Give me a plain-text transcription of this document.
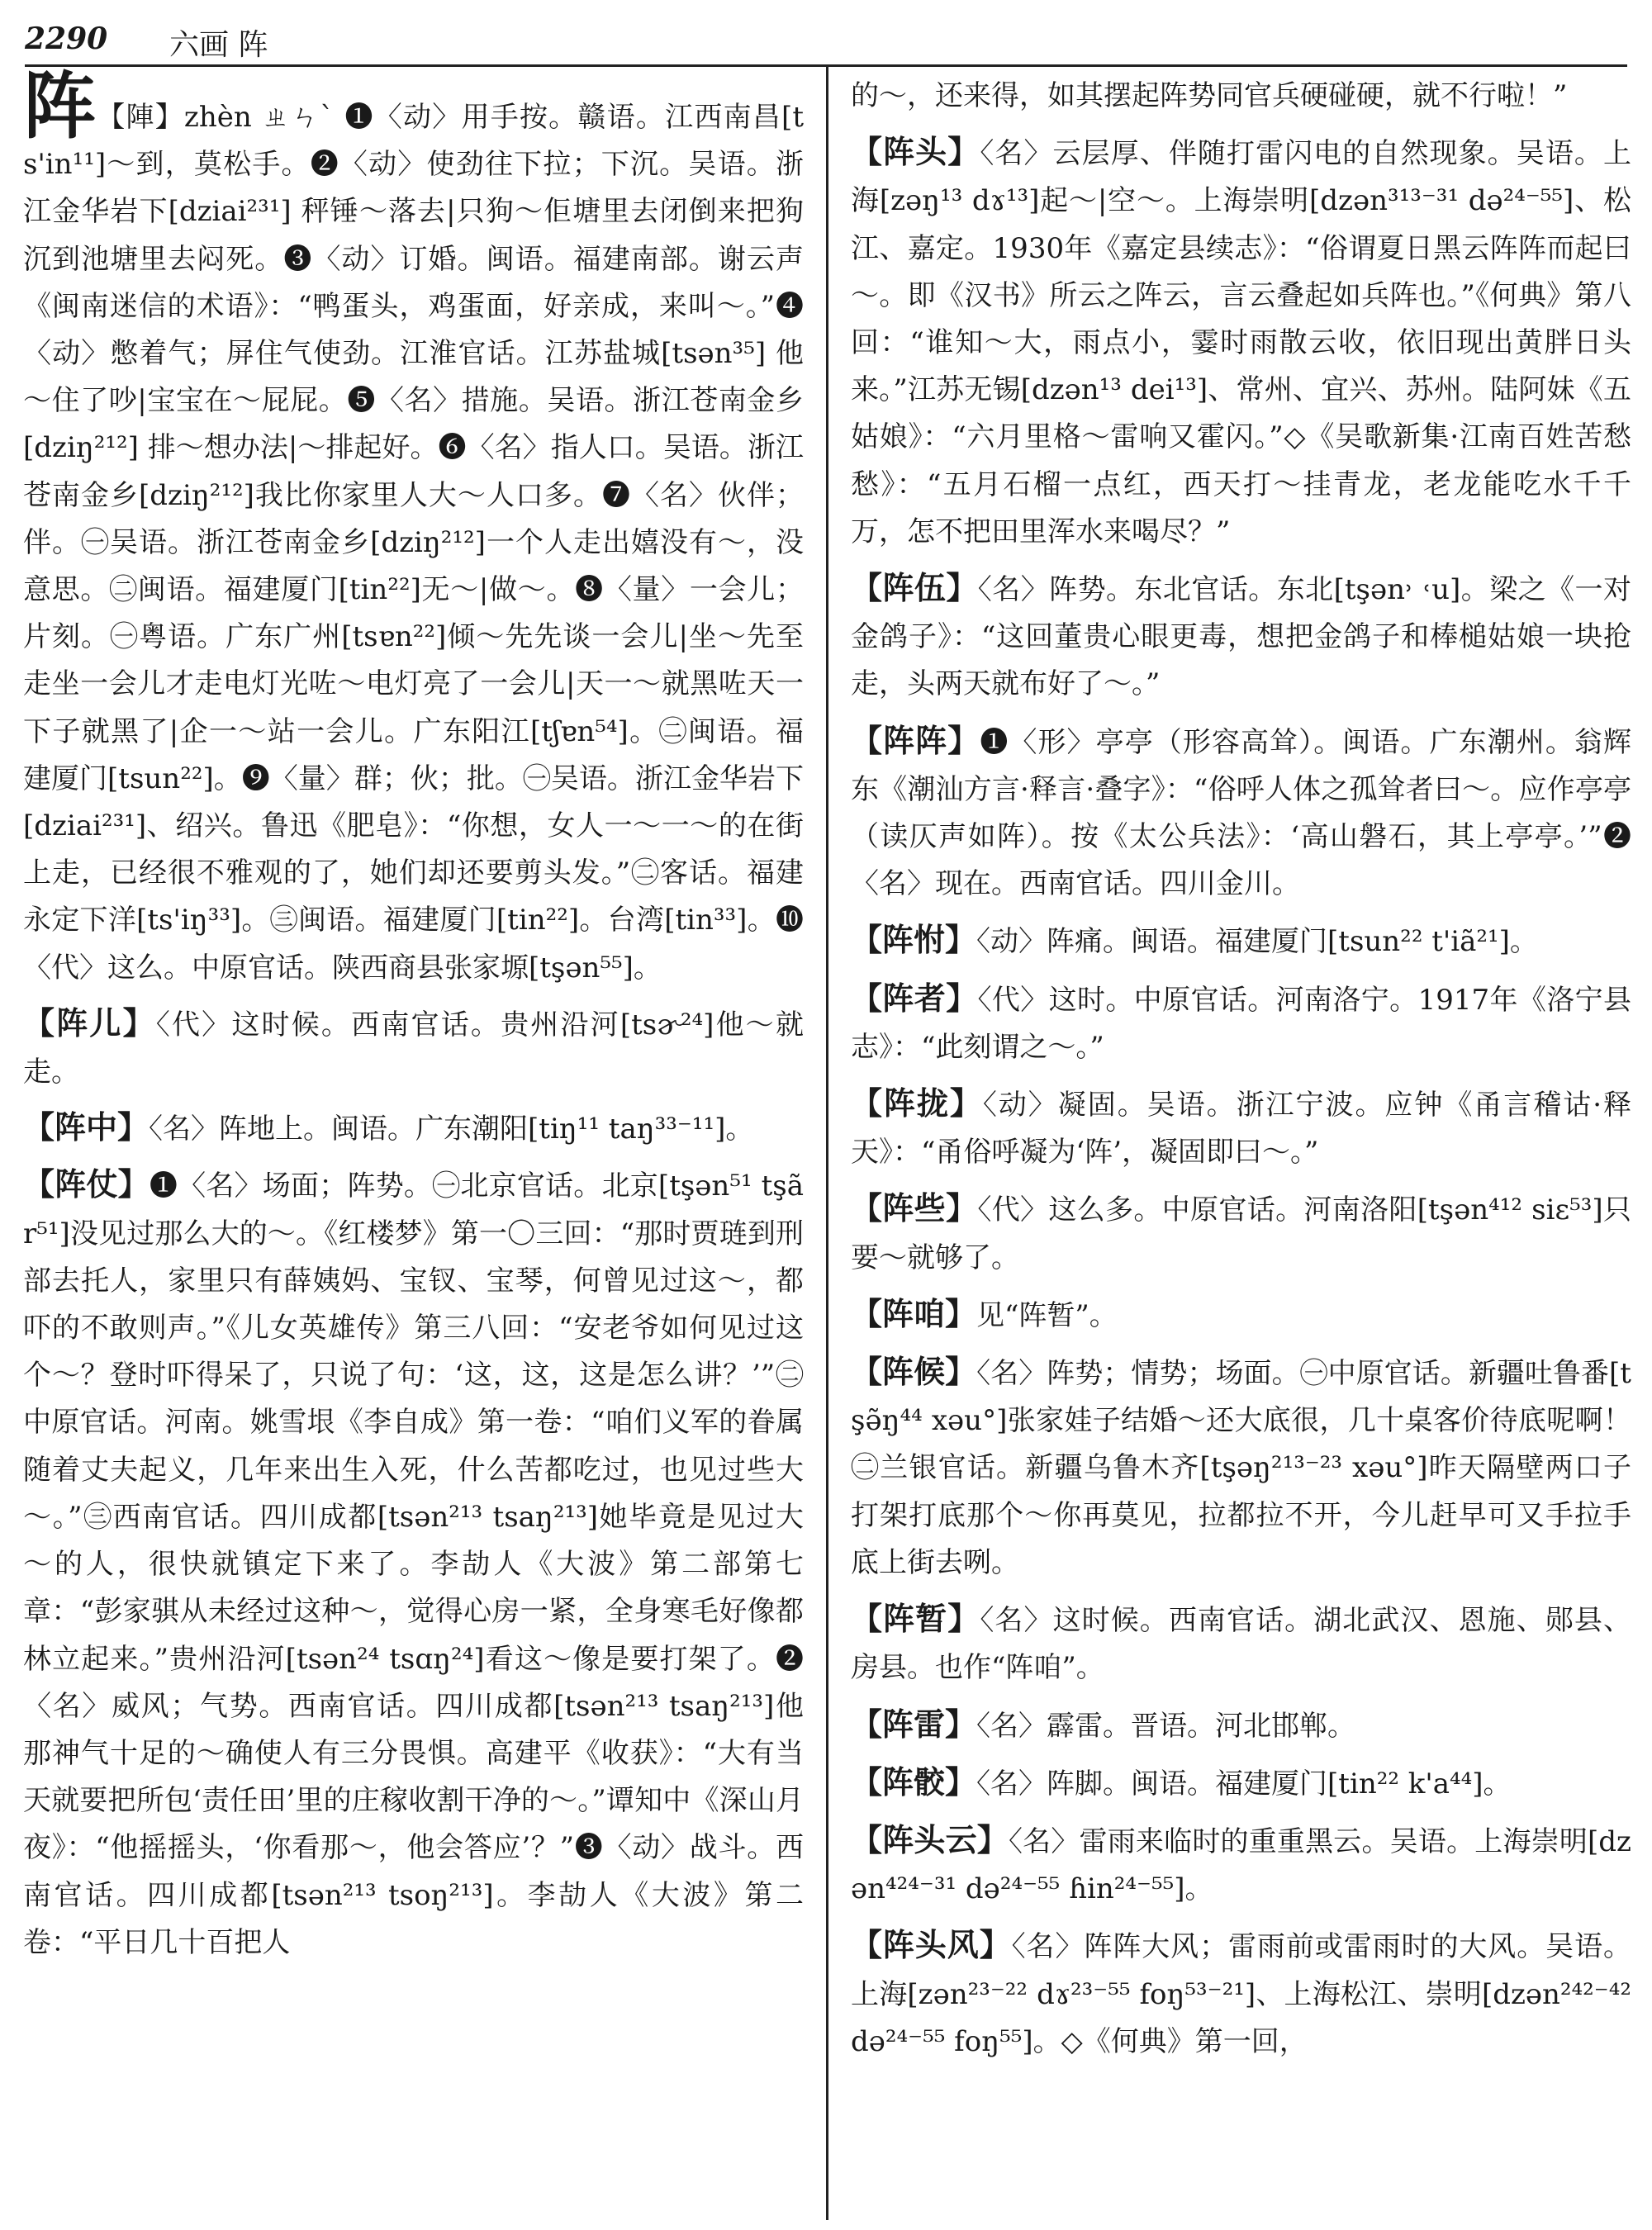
2290 六画 阵

阵【陣】zhèn ㄓㄣˋ ❶〈动〉用手按。赣语。江西南昌[ts'in¹¹]～到，莫松手。❷〈动〉使劲往下拉；下沉。吴语。浙江金华岩下[dziai²³¹] 秤锤～落去|只狗～佢塘里去闭倒来把狗沉到池塘里去闷死。❸〈动〉订婚。闽语。福建南部。谢云声《闽南迷信的术语》：“鸭蛋头，鸡蛋面，好亲成，来叫～。”❹〈动〉憋着气；屏住气使劲。江淮官话。江苏盐城[tsən³⁵] 他～住了吵|宝宝在～屁屁。❺〈名〉措施。吴语。浙江苍南金乡[dziŋ²¹²] 排～想办法|～排起好。❻〈名〉指人口。吴语。浙江苍南金乡[dziŋ²¹²]我比你家里人大～人口多。❼〈名〉伙伴；伴。㊀吴语。浙江苍南金乡[dziŋ²¹²]一个人走出嬉没有～，没意思。㊁闽语。福建厦门[tin²²]无～|做～。❽〈量〉一会儿；片刻。㊀粤语。广东广州[tsɐn²²]倾～先先谈一会儿|坐～先至走坐一会儿才走电灯光咗～电灯亮了一会儿|天一～就黑咗天一下子就黑了|企一～站一会儿。广东阳江[tʃɐn⁵⁴]。㊁闽语。福建厦门[tsun²²]。❾〈量〉群；伙；批。㊀吴语。浙江金华岩下[dziai²³¹]、绍兴。鲁迅《肥皂》：“你想，女人一～一～的在街上走，已经很不雅观的了，她们却还要剪头发。”㊁客话。福建永定下洋[ts'iŋ³³]。㊂闽语。福建厦门[tin²²]。台湾[tin³³]。❿〈代〉这么。中原官话。陕西商县张家塬[tşən⁵⁵]。

【阵儿】〈代〉这时候。西南官话。贵州沿河[tsɚ²⁴]他～就走。

【阵中】〈名〉阵地上。闽语。广东潮阳[tiŋ¹¹ taŋ³³⁻¹¹]。

【阵仗】❶〈名〉场面；阵势。㊀北京官话。北京[tşən⁵¹ tşãr⁵¹]没见过那么大的～。《红楼梦》第一〇三回：“那时贾琏到刑部去托人，家里只有薛姨妈、宝钗、宝琴，何曾见过这～，都吓的不敢则声。”《儿女英雄传》第三八回：“安老爷如何见过这个～？登时吓得呆了，只说了句：‘这，这，这是怎么讲？’”㊁中原官话。河南。姚雪垠《李自成》第一卷：“咱们义军的眷属随着丈夫起义，几年来出生入死，什么苦都吃过，也见过些大～。”㊂西南官话。四川成都[tsən²¹³ tsaŋ²¹³]她毕竟是见过大～的人，很快就镇定下来了。李劼人《大波》第二部第七章：“彭家骐从未经过这种～，觉得心房一紧，全身寒毛好像都林立起来。”贵州沿河[tsən²⁴ tsɑŋ²⁴]看这～像是要打架了。❷〈名〉威风；气势。西南官话。四川成都[tsən²¹³ tsaŋ²¹³]他那神气十足的～确使人有三分畏惧。高建平《收获》：“大有当天就要把所包‘责任田’里的庄稼收割干净的～。”谭知中《深山月夜》：“他摇摇头，‘你看那～，他会答应’？”❸〈动〉战斗。西南官话。四川成都[tsən²¹³ tsoŋ²¹³]。李劼人《大波》第二卷：“平日几十百把人

的～，还来得，如其摆起阵势同官兵硬碰硬，就不行啦！”

【阵头】〈名〉云层厚、伴随打雷闪电的自然现象。吴语。上海[zəŋ¹³ dɤ¹³]起～|空～。上海崇明[dzən³¹³⁻³¹ də²⁴⁻⁵⁵]、松江、嘉定。1930年《嘉定县续志》：“俗谓夏日黑云阵阵而起曰～。即《汉书》所云之阵云，言云叠起如兵阵也。”《何典》第八回：“谁知～大，雨点小，霎时雨散云收，依旧现出黄胖日头来。”江苏无锡[dzən¹³ dei¹³]、常州、宜兴、苏州。陆阿妹《五姑娘》：“六月里格～雷响又霍闪。”◇《吴歌新集·江南百姓苦愁愁》：“五月石榴一点红，西天打～挂青龙，老龙能吃水千千万，怎不把田里浑水来喝尽？”

【阵伍】〈名〉阵势。东北官话。东北[tşən˒ ˓u]。梁之《一对金鸽子》：“这回董贵心眼更毒，想把金鸽子和棒槌姑娘一块抢走，头两天就布好了～。”

【阵阵】❶〈形〉亭亭（形容高耸）。闽语。广东潮州。翁辉东《潮汕方言·释言·叠字》：“俗呼人体之孤耸者曰～。应作亭亭（读仄声如阵）。按《太公兵法》：‘高山磐石，其上亭亭。’”❷〈名〉现在。西南官话。四川金川。

【阵㤔】〈动〉阵痛。闽语。福建厦门[tsun²² t'iã²¹]。

【阵者】〈代〉这时。中原官话。河南洛宁。1917年《洛宁县志》：“此刻谓之～。”

【阵拢】〈动〉凝固。吴语。浙江宁波。应钟《甬言稽诂·释天》：“甬俗呼凝为‘阵’，凝固即曰～。”

【阵些】〈代〉这么多。中原官话。河南洛阳[tşən⁴¹² siɛ⁵³]只要～就够了。

【阵咱】见“阵暂”。

【阵候】〈名〉阵势；情势；场面。㊀中原官话。新疆吐鲁番[tşə̃ŋ⁴⁴ xəu°]张家娃子结婚～还大底很，几十桌客价待底呢啊！㊁兰银官话。新疆乌鲁木齐[tşəŋ²¹³⁻²³ xəu°]昨天隔壁两口子打架打底那个～你再莫见，拉都拉不开，今儿赶早可又手拉手底上街去咧。

【阵暂】〈名〉这时候。西南官话。湖北武汉、恩施、郧县、房县。也作“阵咱”。

【阵雷】〈名〉霹雷。晋语。河北邯郸。

【阵骹】〈名〉阵脚。闽语。福建厦门[tin²² k'a⁴⁴]。

【阵头云】〈名〉雷雨来临时的重重黑云。吴语。上海崇明[dzən⁴²⁴⁻³¹ də²⁴⁻⁵⁵ ɦin²⁴⁻⁵⁵]。

【阵头风】〈名〉阵阵大风；雷雨前或雷雨时的大风。吴语。上海[zən²³⁻²² dɤ²³⁻⁵⁵ foŋ⁵³⁻²¹]、上海松江、崇明[dzən²⁴²⁻⁴² də²⁴⁻⁵⁵ foŋ⁵⁵]。◇《何典》第一回，
